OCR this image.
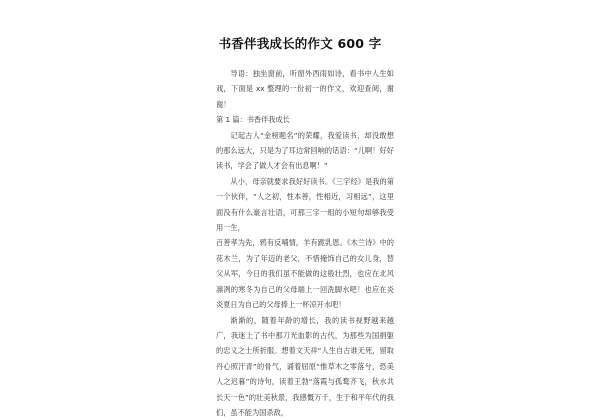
书香伴我成长的作文 600 字

导语：独坐窗前，听窗外西雨如诗，看书中人生如戏，下面是 xx 整理的一份初一的作文，欢迎查阅，谢谢！

第 1 篇：书香伴我成长

记起古人“金榜题名”的荣耀，我爱读书，却没敢想的那么远大，只是为了耳边常回响的话语：“儿啊！好好读书，学会了做人才会有出息啊！”

从小，母亲就要求我好好读书。《三字经》是我的第一个伙伴，“人之初，性本善，性相近，习相远”，这里面没有什么豪言壮语，可那三字一组的小短句却够我受用一生，

百善孝为先，鸦有反哺情，羊有跪乳恩。《木兰诗》中的花木兰，为了年迈的老父，不惜掩饰自己的女儿身，替父从军，今日的我们虽不能做的这般壮烈，也应在北风凛冽的寒冬为自己的父母端上一回洗脚水吧！也应在炎炎夏日为自己的父母捧上一杯凉开水吧！

渐渐的，随着年龄的增长，我的读书视野越来越广，我迷上了书中那刀光血影的古代，为那些为国捐躯的忠义之士所折服。想着文天祥“人生自古谁无死，留取丹心照汗青”的骨气，诵着屈原“惟草木之零落兮，恐美人之迟暮”的诗句，读着王勃“落霞与孤鹜齐飞，秋水共长天一色”的壮美秋景，我感慨万千，生于和平年代的我们，虽不能为国杀敌，
